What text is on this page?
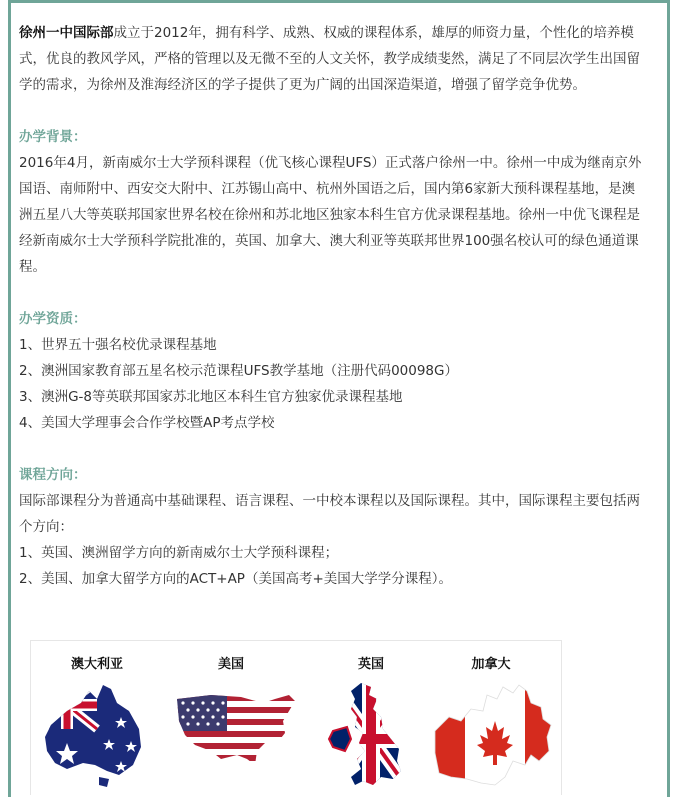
徐州一中国际部成立于2012年，拥有科学、成熟、权威的课程体系，雄厚的师资力量，个性化的培养模式，优良的教风学风，严格的管理以及无微不至的人文关怀，教学成绩斐然，满足了不同层次学生出国留学的需求，为徐州及淮海经济区的学子提供了更为广阔的出国深造渠道，增强了留学竞争优势。

办学背景：

2016年4月，新南威尔士大学预科课程（优飞核心课程UFS）正式落户徐州一中。徐州一中成为继南京外国语、南师附中、西安交大附中、江苏锡山高中、杭州外国语之后，国内第6家新大预科课程基地，是澳洲五星八大等英联邦国家世界名校在徐州和苏北地区独家本科生官方优录课程基地。徐州一中优飞课程是经新南威尔士大学预科学院批准的，英国、加拿大、澳大利亚等英联邦世界100强名校认可的绿色通道课程。

办学资质：

1、世界五十强名校优录课程基地

2、澳洲国家教育部五星名校示范课程UFS教学基地（注册代码00098G）

3、澳洲G-8等英联邦国家苏北地区本科生官方独家优录课程基地

4、美国大学理事会合作学校暨AP考点学校

课程方向：

国际部课程分为普通高中基础课程、语言课程、一中校本课程以及国际课程。其中，国际课程主要包括两个方向：

1、英国、澳洲留学方向的新南威尔士大学预科课程；

2、美国、加拿大留学方向的ACT+AP（美国高考+美国大学学分课程）。

澳大利亚	美国	英国	加拿大
